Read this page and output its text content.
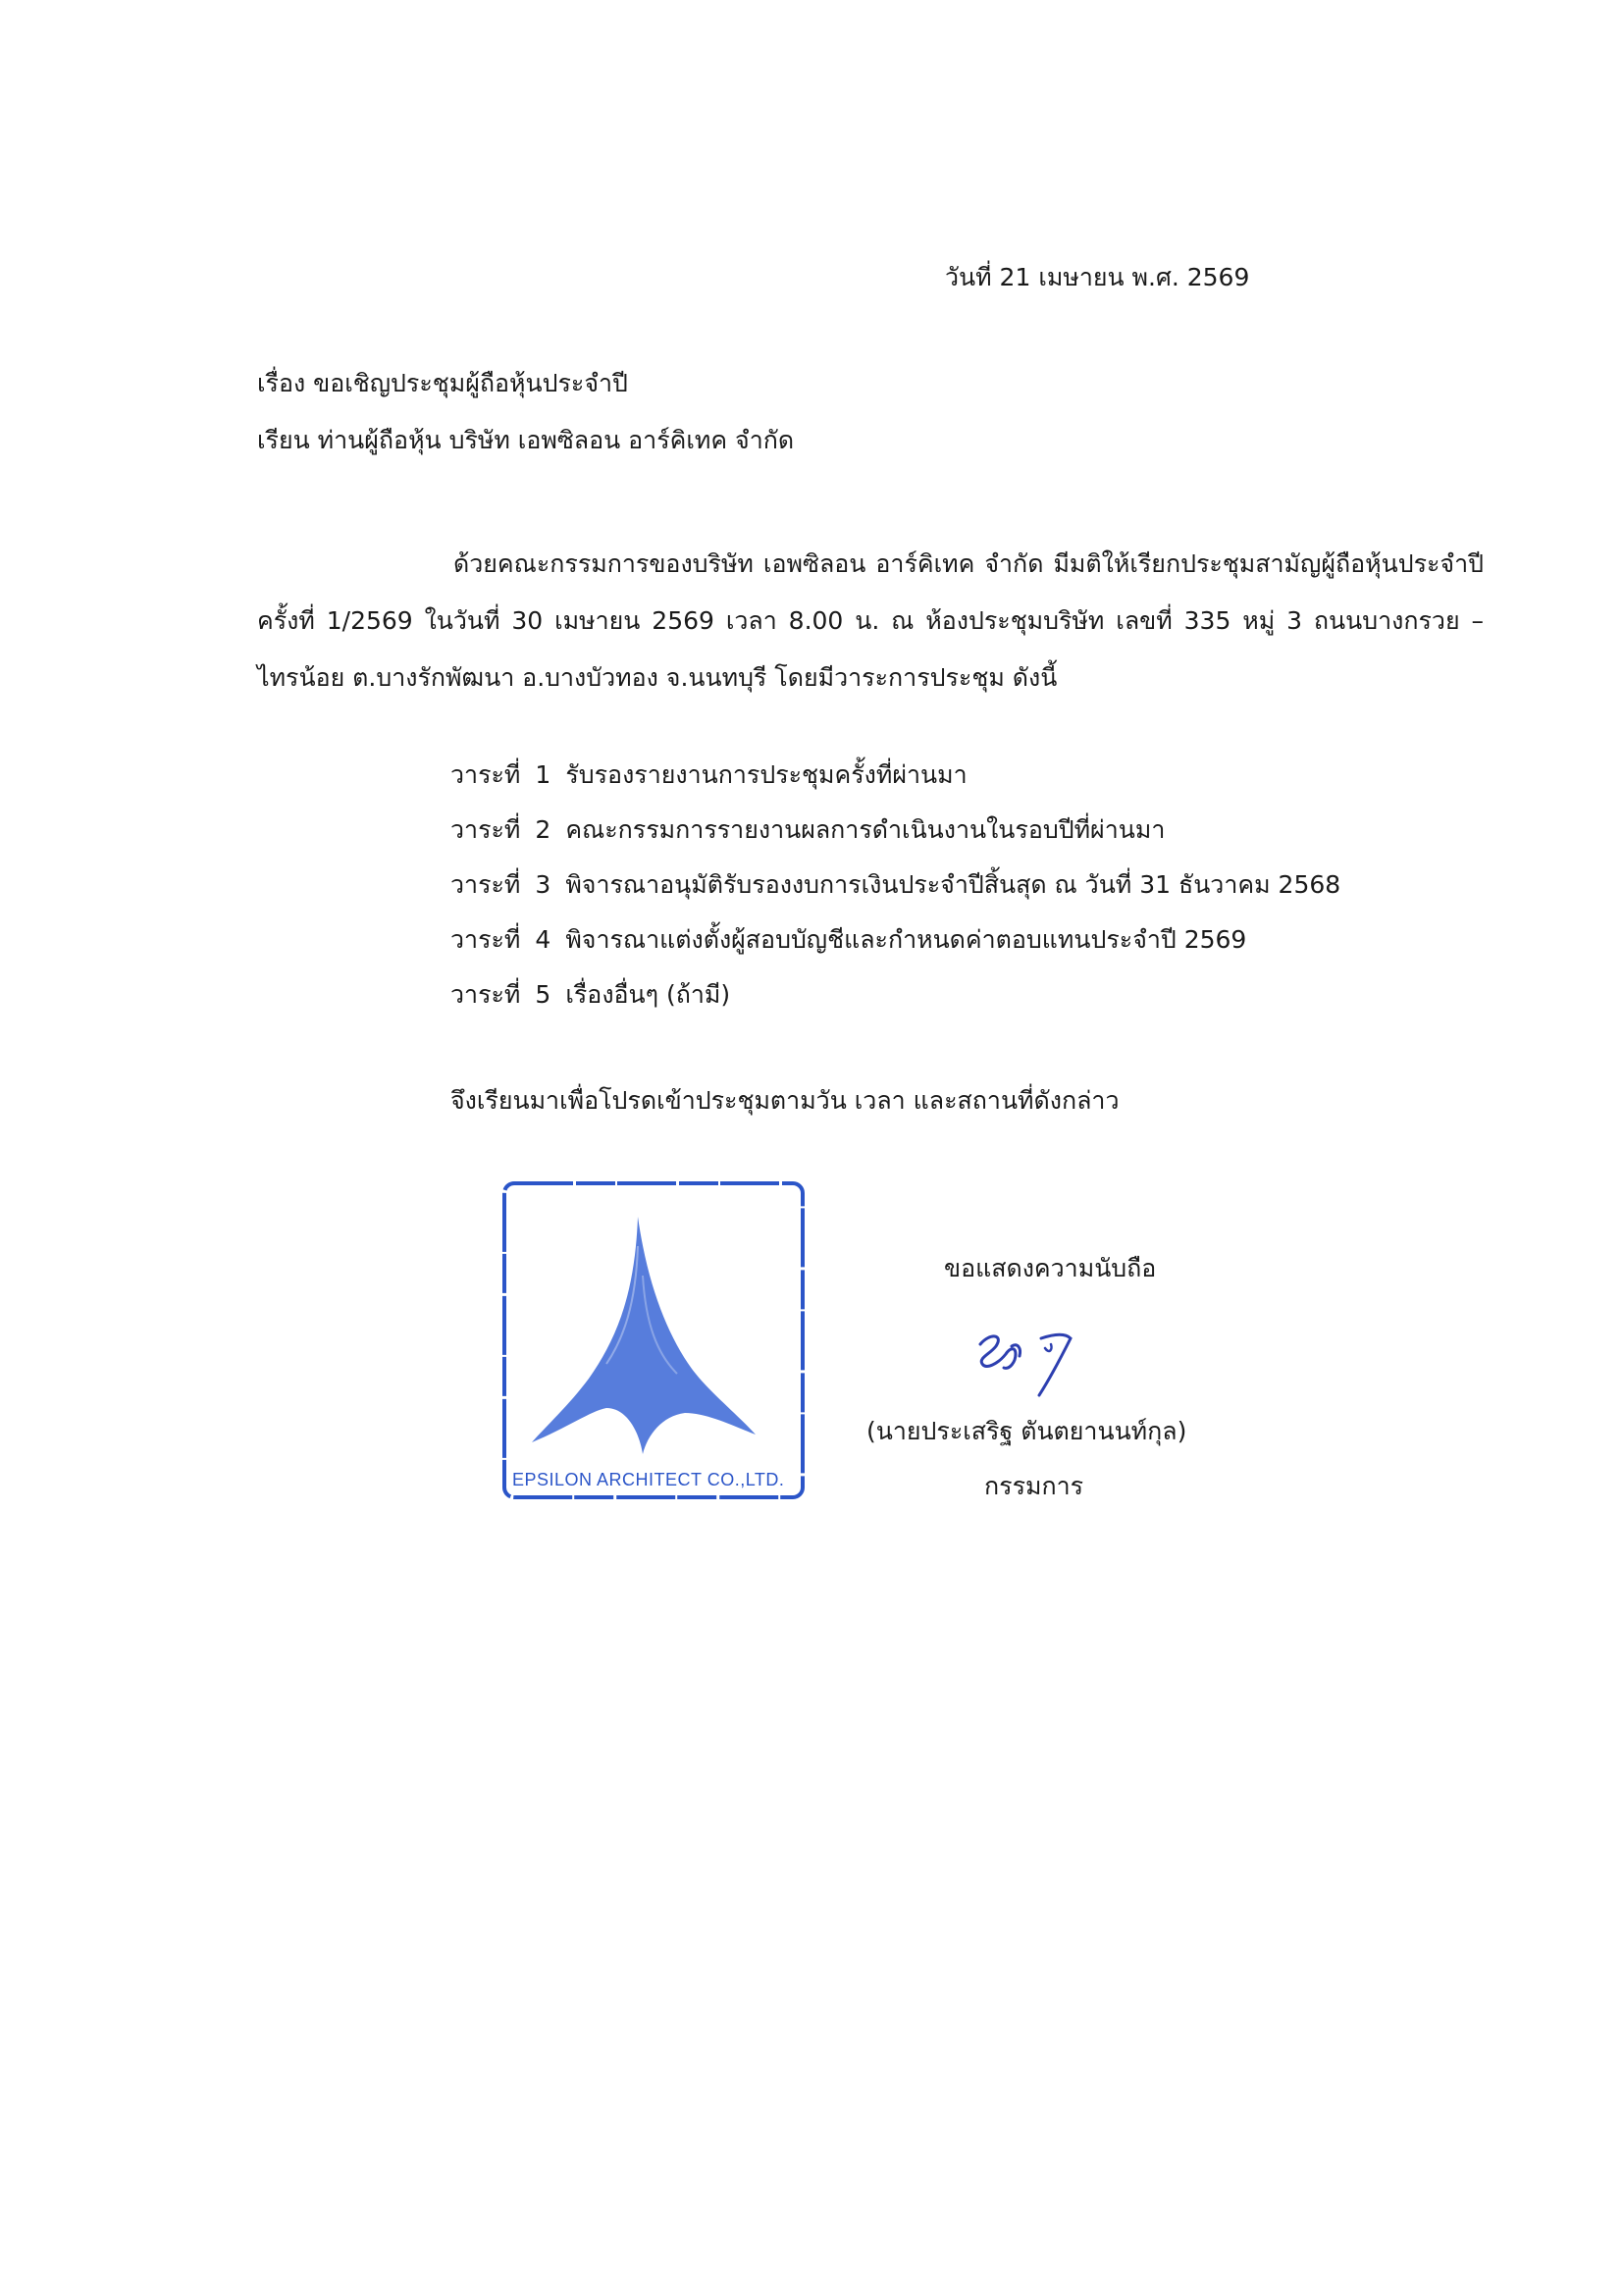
วันที่ 21 เมษายน พ.ศ. 2569
เรื่อง ขอเชิญประชุมผู้ถือหุ้นประจำปี
เรียน ท่านผู้ถือหุ้น บริษัท เอพซิลอน อาร์คิเทค จำกัด
ด้วยคณะกรรมการของบริษัท เอพซิลอน อาร์คิเทค จำกัด มีมติให้เรียกประชุมสามัญผู้ถือหุ้นประจำปี ครั้งที่ 1/2569 ในวันที่ 30 เมษายน 2569 เวลา 8.00 น. ณ ห้องประชุมบริษัท เลขที่ 335 หมู่ 3 ถนนบางกรวย – ไทรน้อย ต.บางรักพัฒนา อ.บางบัวทอง จ.นนทบุรี โดยมีวาระการประชุม ดังนี้
วาระที่ 1 รับรองรายงานการประชุมครั้งที่ผ่านมา
วาระที่ 2 คณะกรรมการรายงานผลการดำเนินงานในรอบปีที่ผ่านมา
วาระที่ 3 พิจารณาอนุมัติรับรองงบการเงินประจำปีสิ้นสุด ณ วันที่ 31 ธันวาคม 2568
วาระที่ 4 พิจารณาแต่งตั้งผู้สอบบัญชีและกำหนดค่าตอบแทนประจำปี 2569
วาระที่ 5 เรื่องอื่นๆ (ถ้ามี)
จึงเรียนมาเพื่อโปรดเข้าประชุมตามวัน เวลา และสถานที่ดังกล่าว
EPSILON ARCHITECT CO.,LTD.
ขอแสดงความนับถือ
(นายประเสริฐ ตันตยานนท์กุล)
กรรมการ
